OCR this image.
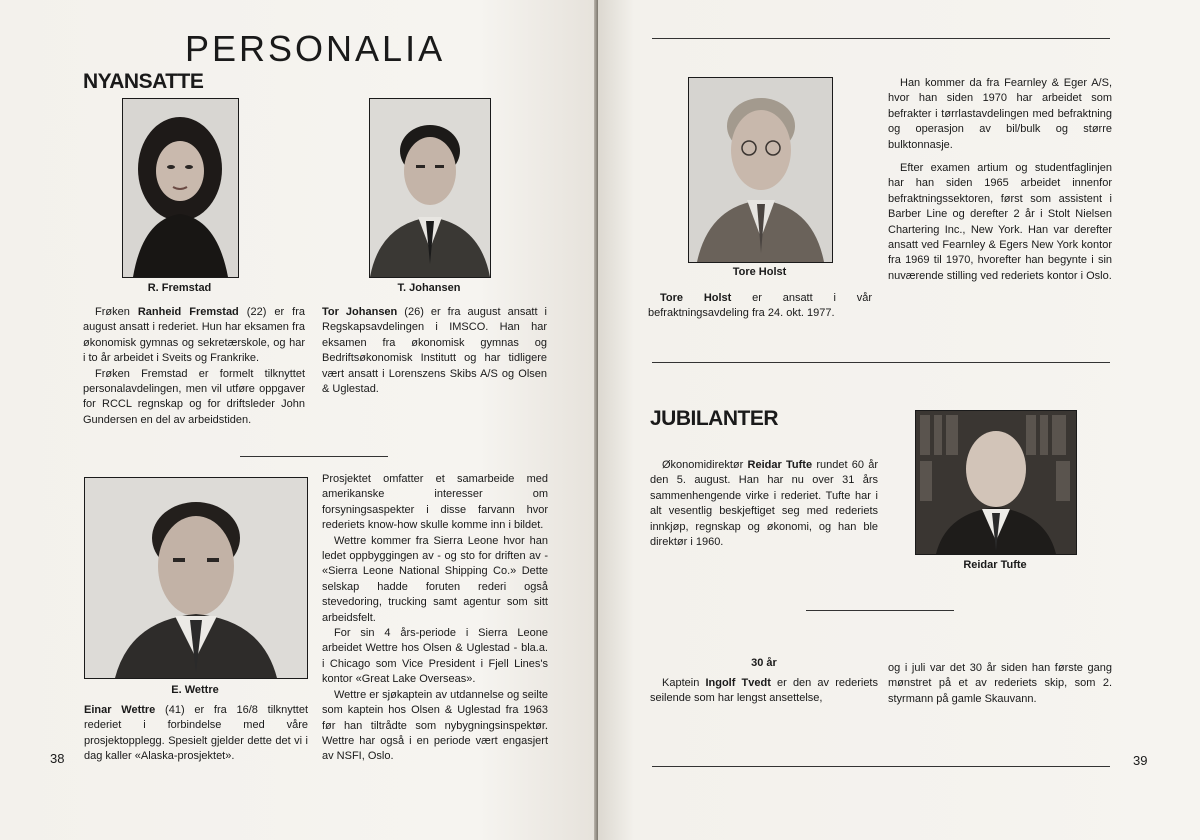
PERSONALIA
NYANSATTE
R. Fremstad	T. Johansen

Frøken Ranheid Fremstad (22) er fra august ansatt i rederiet. Hun har eksamen fra økonomisk gymnas og sekretærskole, og har i to år arbeidet i Sveits og Frankrike.

Frøken Fremstad er formelt tilknyttet personalavdelingen, men vil utføre oppgaver for RCCL regnskap og for driftsleder John Gundersen en del av arbeidstiden.

Tor Johansen (26) er fra august ansatt i Regskapsavdelingen i IMSCO. Han har eksamen fra økonomisk gymnas og Bedriftsøkonomisk Institutt og har tidligere vært ansatt i Lorenszens Skibs A/S og Olsen & Uglestad.

E. Wettre

Einar Wettre (41) er fra 16/8 tilknyttet rederiet i forbindelse med våre prosjektopplegg. Spesielt gjelder dette det vi i dag kaller «Alaska-prosjektet».

Prosjektet omfatter et samarbeide med amerikanske interesser om forsyningsaspekter i disse farvann hvor rederiets know-how skulle komme inn i bildet.

Wettre kommer fra Sierra Leone hvor han ledet oppbyggingen av - og sto for driften av - «Sierra Leone National Shipping Co.» Dette selskap hadde foruten rederi også stevedoring, trucking samt agentur som sitt arbeidsfelt.

For sin 4 års-periode i Sierra Leone arbeidet Wettre hos Olsen & Uglestad - bla.a. i Chicago som Vice President i Fjell Lines's kontor «Great Lake Overseas».

Wettre er sjøkaptein av utdannelse og seilte som kaptein hos Olsen & Uglestad fra 1963 før han tiltrådte som nybygningsinspektør. Wettre har også i en periode vært engasjert av NSFI, Oslo.

38
Tore Holst

Tore Holst er ansatt i vår befraktningsavdeling fra 24. okt. 1977.

Han kommer da fra Fearnley & Eger A/S, hvor han siden 1970 har arbeidet som befrakter i tørrlastavdelingen med befraktning og operasjon av bil/bulk og større bulktonnasje.

Efter examen artium og studentfaglinjen har han siden 1965 arbeidet innenfor befraktningssektoren, først som assistent i Barber Line og derefter 2 år i Stolt Nielsen Chartering Inc., New York. Han var derefter ansatt ved Fearnley & Egers New York kontor fra 1969 til 1970, hvorefter han begynte i sin nuværende stilling ved rederiets kontor i Oslo.

JUBILANTER
Reidar Tufte

Økonomidirektør Reidar Tufte rundet 60 år den 5. august. Han har nu over 31 års sammenhengende virke i rederiet. Tufte har i alt vesentlig beskjeftiget seg med rederiets innkjøp, regnskap og økonomi, og han ble direktør i 1960.

30 år

Kaptein Ingolf Tvedt er den av rederiets seilende som har lengst ansettelse,

og i juli var det 30 år siden han første gang mønstret på et av rederiets skip, som 2. styrmann på gamle Skauvann.

39
